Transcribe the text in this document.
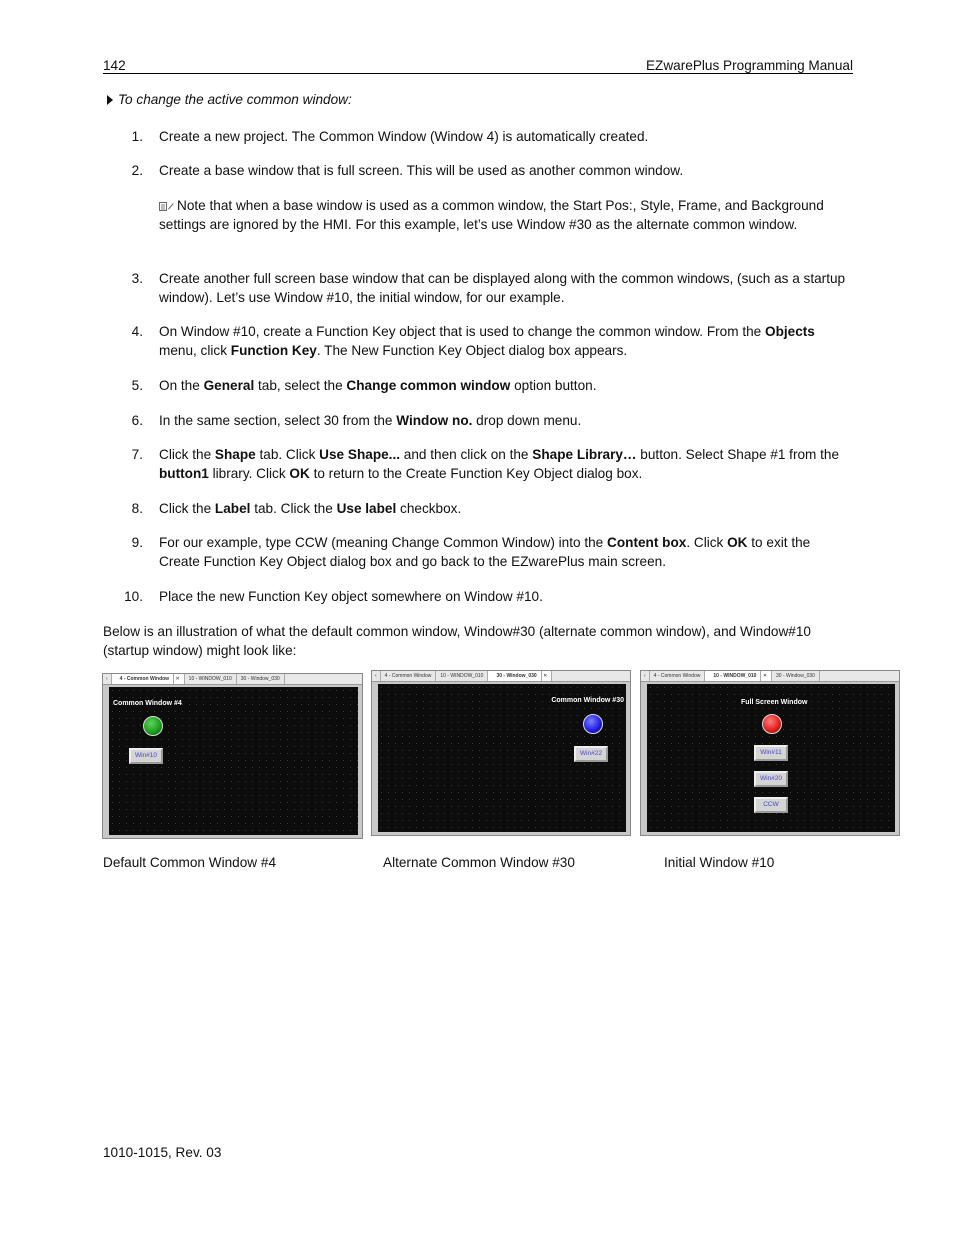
142	EZwarePlus Programming Manual
To change the active common window:
1. Create a new project. The Common Window (Window 4) is automatically created.
2. Create a base window that is full screen. This will be used as another common window.
Note that when a base window is used as a common window, the Start Pos:, Style, Frame, and Background settings are ignored by the HMI. For this example, let’s use Window #30 as the alternate common window.
3. Create another full screen base window that can be displayed along with the common windows, (such as a startup window). Let’s use Window #10, the initial window, for our example.
4. On Window #10, create a Function Key object that is used to change the common window. From the Objects menu, click Function Key. The New Function Key Object dialog box appears.
5. On the General tab, select the Change common window option button.
6. In the same section, select 30 from the Window no. drop down menu.
7. Click the Shape tab. Click Use Shape... and then click on the Shape Library… button. Select Shape #1 from the button1 library. Click OK to return to the Create Function Key Object dialog box.
8. Click the Label tab. Click the Use label checkbox.
9. For our example, type CCW (meaning Change Common Window) into the Content box. Click OK to exit the Create Function Key Object dialog box and go back to the EZwarePlus main screen.
10. Place the new Function Key object somewhere on Window #10.
Below is an illustration of what the default common window, Window#30 (alternate common window), and Window#10 (startup window) might look like:
‹ 4 - Common Window ✕ 10 - WINDOW_010 30 - Window_030
Common Window #4
Win#10
‹ 4 - Common Window 10 - WINDOW_010	30 - Window_030 ✕
Common Window #30
Win#22
‹ 4 - Common Window	10 - WINDOW_010 ✕ 30 - Window_030
Full Screen Window
Win#11
Win#20
CCW
Default Common Window #4	Alternate Common Window #30	Initial Window #10
1010-1015, Rev. 03
